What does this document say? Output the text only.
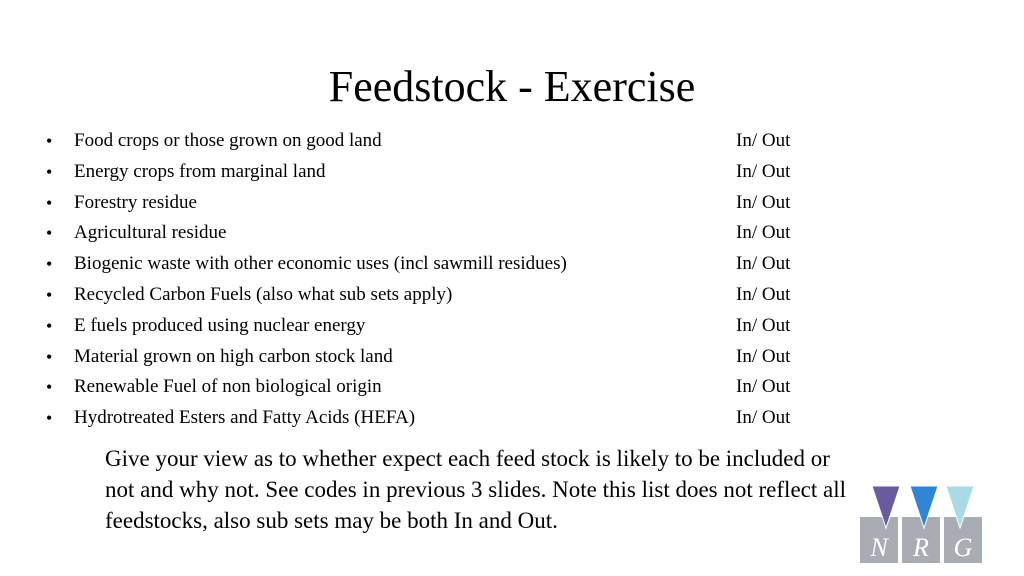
Feedstock - Exercise
• Food crops or those grown on good land	In/ Out
• Energy crops from marginal land	In/ Out
• Forestry residue	In/ Out
• Agricultural residue	In/ Out
• Biogenic waste with other economic uses (incl sawmill residues)	In/ Out
• Recycled Carbon Fuels (also what sub sets apply)	In/ Out
• E fuels produced using nuclear energy	In/ Out
• Material grown on high carbon stock land	In/ Out
• Renewable Fuel of non biological origin	In/ Out
• Hydrotreated Esters and Fatty Acids (HEFA)	In/ Out
Give your view as to whether expect each feed stock is likely to be included or not and why not. See codes in previous 3 slides. Note this list does not reflect all feedstocks, also sub sets may be both In and Out.
N R G
